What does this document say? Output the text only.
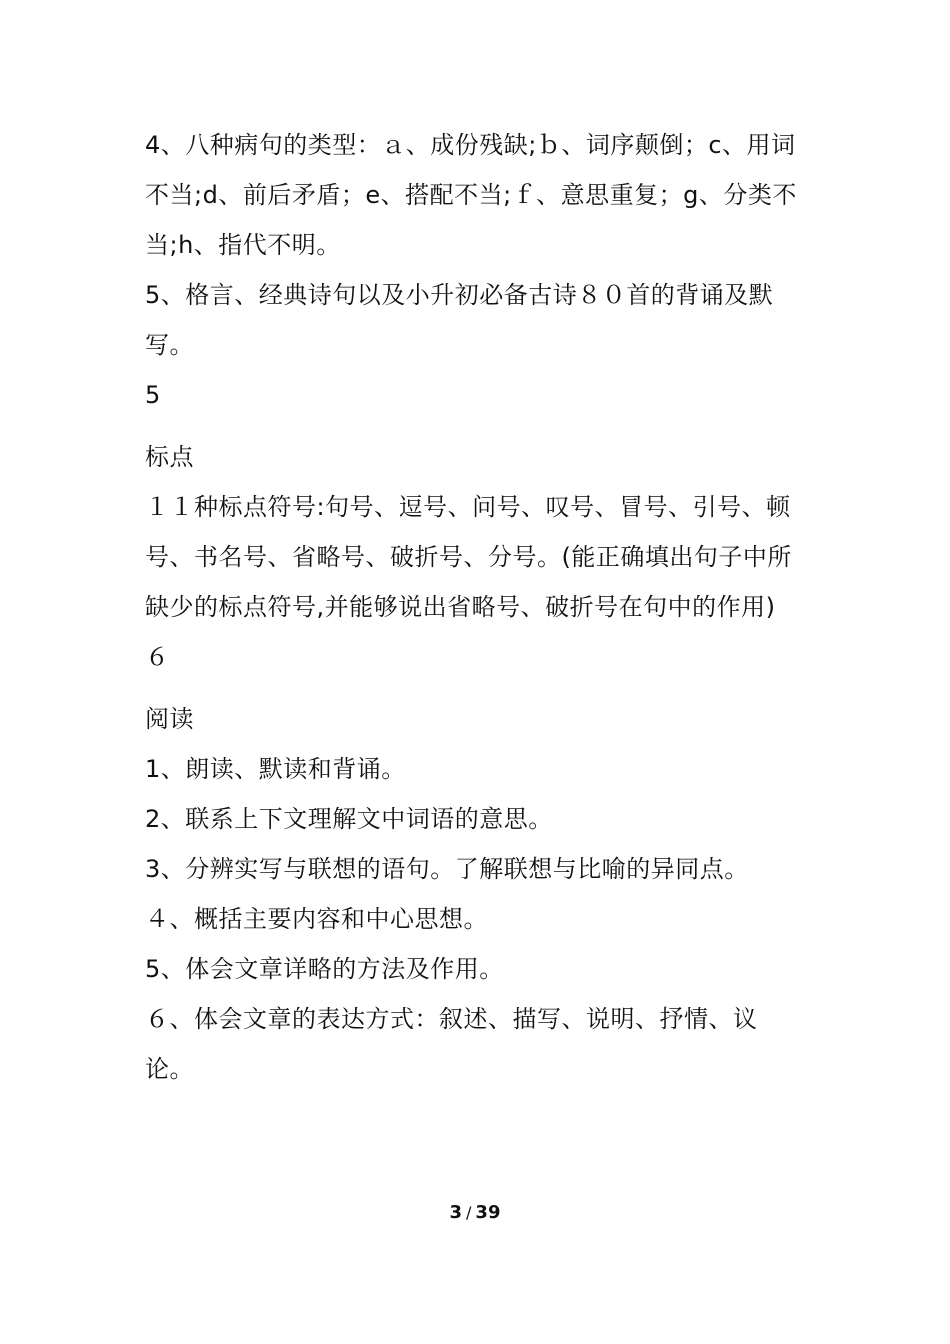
4、八种病句的类型：ａ、成份残缺;ｂ、词序颠倒；c、用词不当;d、前后矛盾；e、搭配不当;ｆ、意思重复；g、分类不当;h、指代不明。

5、格言、经典诗句以及小升初必备古诗８０首的背诵及默写。

5

标点

１１种标点符号:句号、逗号、问号、叹号、冒号、引号、顿号、书名号、省略号、破折号、分号。(能正确填出句子中所缺少的标点符号,并能够说出省略号、破折号在句中的作用)

６

阅读

1、朗读、默读和背诵。

2、联系上下文理解文中词语的意思。

3、分辨实写与联想的语句。了解联想与比喻的异同点。

４、概括主要内容和中心思想。

5、体会文章详略的方法及作用。

６、体会文章的表达方式：叙述、描写、说明、抒情、议论。

3 / 39
